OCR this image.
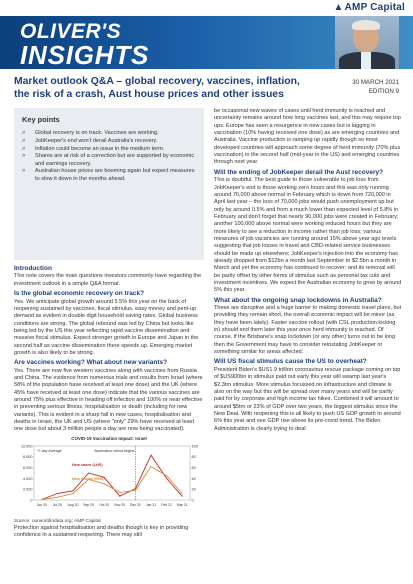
▲AMP Capital
OLIVER'S
INSIGHTS
Market outlook Q&A – global recovery, vaccines, inflation, the risk of a crash, Aust house prices and other issues
30 MARCH 2021
EDITION 9
Key points
>	Global recovery is on track. Vaccines are working.
>	JobKeeper's end won't derail Australia's recovery.
>	Inflation could become an issue in the medium term.
>	Shares are at risk of a correction but are supported by economic and earnings recovery.
>	Australian house prices are booming again but expect measures to slow it down in the months ahead.
Introduction
This note covers the main questions investors commonly have regarding the investment outlook in a simple Q&A format.
Is the global economic recovery on track?
Yes. We anticipate global growth around 5.5% this year on the back of reopening sustained by vaccines, fiscal stimulus, easy money and pent-up demand as evident in double digit household saving rates. Global business conditions are strong. The global rebound was led by China but looks like being led by the US this year reflecting rapid vaccine dissemination and massive fiscal stimulus. Expect stronger growth in Europe and Japan in the second half as vaccine dissemination there speeds up. Emerging market growth is also likely to be strong.
Are vaccines working? What about new variants?
Yes. There are now five western vaccines along with vaccines from Russia and China. The evidence from numerous trials and results from Israel (where 58% of the population have received at least one dose) and the UK (where 45% have received at least one dose) indicate that the various vaccines are around 75% plus effective in heading off infection and 100% or near effective in preventing serious illness, hospitalisation or death (including for new variants). This is evident in a sharp fall in new cases, hospitalisation and deaths in Israel, the UK and US (where "only" 29% have received at least one dose but about 3 million people a day are now being vaccinated).
COVID-19 Vaccination Impact: Israel
10,000
8,000
6,000
4,000
2,000
0
100
80
60
40
20
0
Jun 20 Jul 20 Aug 20 Sep 20 Oct 20 Nov 20 Dec 20 Jan 21 Feb 21 Mar 21
*7-day Average	Vaccination rollout begins
New cases (LHS)
New deaths (RHS)
Source: ourworldindata.org; AMP Capital
Protection against hospitalisation and deaths though is key in providing confidence in a sustained reopening. There may still
be occasional new waves of cases until herd immunity is reached and uncertainty remains around how long vaccines last, and this may require top ups. Europe has seen a resurgence in new cases but is lagging in vaccination (10% having received one dose) as are emerging countries and Australia. Vaccine production is ramping up rapidly though so most developed countries will approach some degree of herd immunity (70% plus vaccination) in the second half (mid-year in the US) and emerging countries through next year.
Will the ending of JobKeeper derail the Aust recovery?
This is doubtful. The best guide to those vulnerable to job loss from JobKeeper's end is those working zero hours and this was only running around 70,000 above normal in February which is down from 720,000 in April last year – the loss of 70,000 jobs would push unemployment up but only by around 0.5% and from a much lower than expected level of 5.8% in February and don't forget that nearly 90,000 jobs were created in February; another 100,000 above normal were working reduced hours but they are more likely to see a reduction in income rather than job loss; various measures of job vacancies are running around 15% above year ago levels suggesting that job losses in travel and CBD-related service businesses should be made up elsewhere; JobKeeper's injection into the economy has already dropped from $12bn a month last September to $2.5bn a month in March and yet the economy has continued to recover; and its removal will be partly offset by other forms of stimulus such as personal tax cuts and investment incentives. We expect the Australian economy to grow by around 5% this year.
What about the ongoing snap lockdowns in Australia?
These are disruptive and a huge barrier to making domestic travel plans, but providing they remain short, the overall economic impact will be minor (as they have been lately). Faster vaccine rollout (with CSL production kicking in) should end them later this year once herd immunity is reached. Of course, if the Brisbane's snap lockdown (or any other) turns out to be long then the Government may have to consider reinstating JobKeeper or something similar for areas affected.
Will US fiscal stimulus cause the US to overheat?
President Biden's $US1.9 trillion coronavirus rescue package coming on top of $US900bn in stimulus paid out early this year will swamp last year's $2.3trn stimulus. More stimulus focussed on infrastructure and climate is also on the way but this will be spread over many years and will be partly paid for by corporate and high income tax hikes. Combined it will amount to around $5trn or 23% of GDP over two years, the biggest stimulus since the New Deal. With reopening this is all likely to push US GDP growth to around 6% this year and see GDP rise above its pre-covid trend. The Biden Administration is clearly trying to deal
